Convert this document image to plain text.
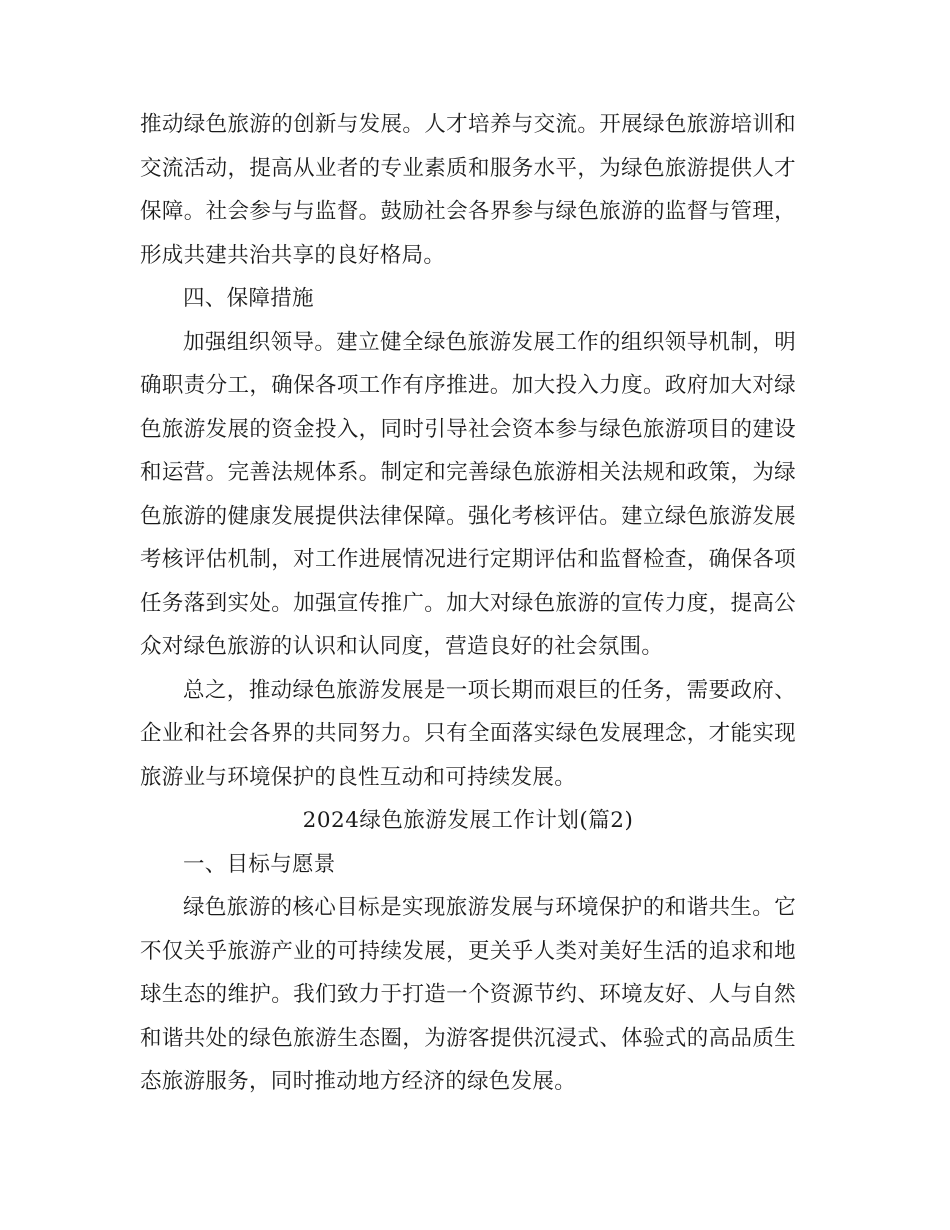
推动绿色旅游的创新与发展。人才培养与交流。开展绿色旅游培训和交流活动，提高从业者的专业素质和服务水平，为绿色旅游提供人才保障。社会参与与监督。鼓励社会各界参与绿色旅游的监督与管理，形成共建共治共享的良好格局。

四、保障措施

加强组织领导。建立健全绿色旅游发展工作的组织领导机制，明确职责分工，确保各项工作有序推进。加大投入力度。政府加大对绿色旅游发展的资金投入，同时引导社会资本参与绿色旅游项目的建设和运营。完善法规体系。制定和完善绿色旅游相关法规和政策，为绿色旅游的健康发展提供法律保障。强化考核评估。建立绿色旅游发展考核评估机制，对工作进展情况进行定期评估和监督检查，确保各项任务落到实处。加强宣传推广。加大对绿色旅游的宣传力度，提高公众对绿色旅游的认识和认同度，营造良好的社会氛围。

总之，推动绿色旅游发展是一项长期而艰巨的任务，需要政府、企业和社会各界的共同努力。只有全面落实绿色发展理念，才能实现旅游业与环境保护的良性互动和可持续发展。

2024绿色旅游发展工作计划(篇2)

一、目标与愿景

绿色旅游的核心目标是实现旅游发展与环境保护的和谐共生。它不仅关乎旅游产业的可持续发展，更关乎人类对美好生活的追求和地球生态的维护。我们致力于打造一个资源节约、环境友好、人与自然和谐共处的绿色旅游生态圈，为游客提供沉浸式、体验式的高品质生态旅游服务，同时推动地方经济的绿色发展。
